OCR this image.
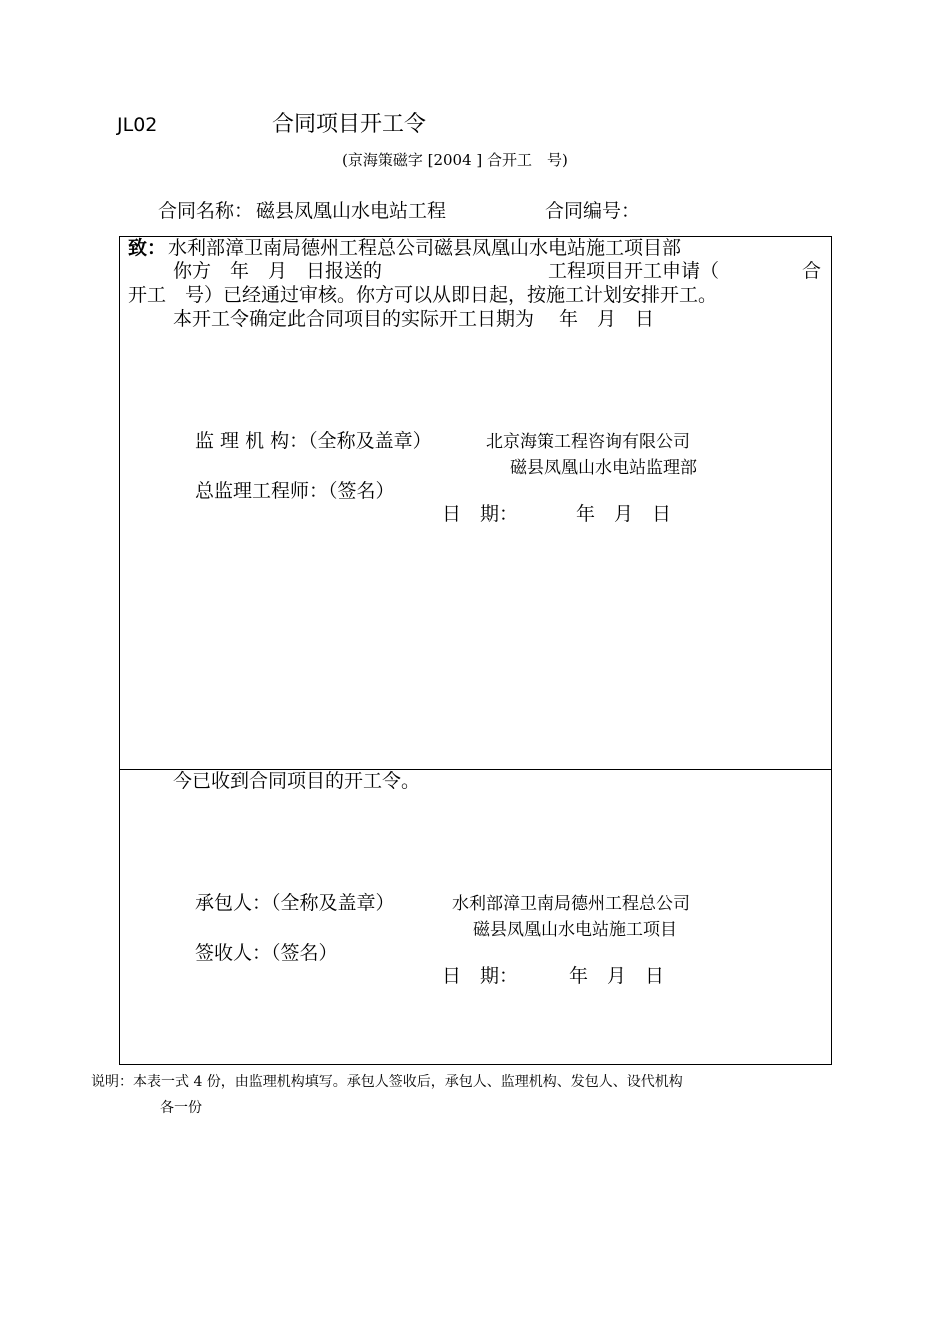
JL02	合同项目开工令
(京海策磁字 [2004 ] 合开工　号)
合同名称： 磁县凤凰山水电站工程	合同编号：
致： 水利部漳卫南局德州工程总公司磁县凤凰山水电站施工项目部
你方　年　月　日报送的	工程项目开工申请（	合
开工　号）已经通过审核。你方可以从即日起，按施工计划安排开工。
本开工令确定此合同项目的实际开工日期为　 年　月　日
监 理 机 构：（全称及盖章）	北京海策工程咨询有限公司
磁县凤凰山水电站监理部
总监理工程师：（签名）
日　期：	年　月　日
今已收到合同项目的开工令。
承包人：（全称及盖章）	水利部漳卫南局德州工程总公司
磁县凤凰山水电站施工项目
签收人：（签名）
日　期：	年　月　日
说明：本表一式 4 份，由监理机构填写。承包人签收后，承包人、监理机构、发包人、设代机构
各一份
